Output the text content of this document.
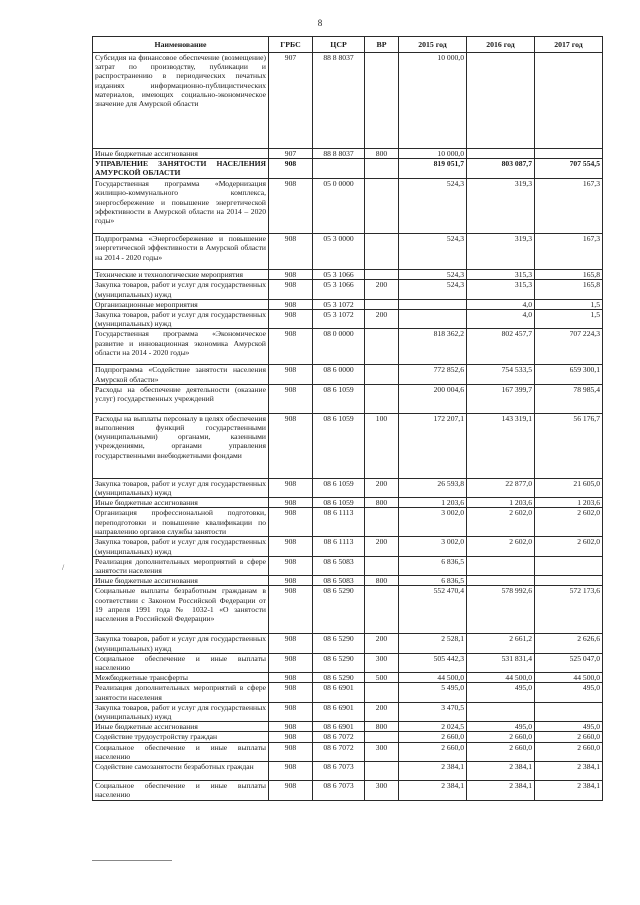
8
/
Наименование	ГРБС	ЦСР	ВР	2015 год	2016 год	2017 год
Субсидия на финансовое обеспечение (возмещение) затрат по производству, публикации и распространению в периодических печатных изданиях информационно-публицистических материалов, имеющих социально-экономическое значение для Амурской области	907	88 8 8037		10 000,0		
Иные бюджетные ассигнования	907	88 8 8037	800	10 000,0		
УПРАВЛЕНИЕ ЗАНЯТОСТИ НАСЕЛЕНИЯ АМУРСКОЙ ОБЛАСТИ	908			819 051,7	803 087,7	707 554,5
Государственная программа «Модернизация жилищно-коммунального комплекса, энергосбережение и повышение энергетической эффективности в Амурской области на 2014 – 2020 годы»	908	05 0 0000		524,3	319,3	167,3
Подпрограмма «Энергосбережение и повышение энергетической эффективности в Амурской области на 2014 - 2020 годы»	908	05 3 0000		524,3	319,3	167,3
Технические и технологические мероприятия	908	05 3 1066		524,3	315,3	165,8
Закупка товаров, работ и услуг для государственных (муниципальных) нужд	908	05 3 1066	200	524,3	315,3	165,8
Организационные мероприятия	908	05 3 1072			4,0	1,5
Закупка товаров, работ и услуг для государственных (муниципальных) нужд	908	05 3 1072	200		4,0	1,5
Государственная программа «Экономическое развитие и инновационная экономика Амурской области на 2014 - 2020 годы»	908	08 0 0000		818 362,2	802 457,7	707 224,3
Подпрограмма «Содействие занятости населения Амурской области»	908	08 6 0000		772 852,6	754 533,5	659 300,1
Расходы на обеспечение деятельности (оказание услуг) государственных учреждений	908	08 6 1059		200 004,6	167 399,7	78 985,4
Расходы на выплаты персоналу в целях обеспечения выполнения функций государственными (муниципальными) органами, казенными учреждениями, органами управления государственными внебюджетными фондами	908	08 6 1059	100	172 207,1	143 319,1	56 176,7
Закупка товаров, работ и услуг для государственных (муниципальных) нужд	908	08 6 1059	200	26 593,8	22 877,0	21 605,0
Иные бюджетные ассигнования	908	08 6 1059	800	1 203,6	1 203,6	1 203,6
Организация профессиональной подготовки, переподготовки и повышение квалификации по направлению органов службы занятости	908	08 6 1113		3 002,0	2 602,0	2 602,0
Закупка товаров, работ и услуг для государственных (муниципальных) нужд	908	08 6 1113	200	3 002,0	2 602,0	2 602,0
Реализация дополнительных мероприятий в сфере занятости населения	908	08 6 5083		6 836,5		
Иные бюджетные ассигнования	908	08 6 5083	800	6 836,5		
Социальные выплаты безработным гражданам в соответствии с Законом Российской Федерации от 19 апреля 1991 года № 1032-1 «О занятости населения в Российской Федерации»	908	08 6 5290		552 470,4	578 992,6	572 173,6
Закупка товаров, работ и услуг для государственных (муниципальных) нужд	908	08 6 5290	200	2 528,1	2 661,2	2 626,6
Социальное обеспечение и иные выплаты населению	908	08 6 5290	300	505 442,3	531 831,4	525 047,0
Межбюджетные трансферты	908	08 6 5290	500	44 500,0	44 500,0	44 500,0
Реализация дополнительных мероприятий в сфере занятости населения	908	08 6 6901		5 495,0	495,0	495,0
Закупка товаров, работ и услуг для государственных (муниципальных) нужд	908	08 6 6901	200	3 470,5		
Иные бюджетные ассигнования	908	08 6 6901	800	2 024,5	495,0	495,0
Содействие трудоустройству граждан	908	08 6 7072		2 660,0	2 660,0	2 660,0
Социальное обеспечение и иные выплаты населению	908	08 6 7072	300	2 660,0	2 660,0	2 660,0
Содействие самозанятости безработных граждан	908	08 6 7073		2 384,1	2 384,1	2 384,1
Социальное обеспечение и иные выплаты населению	908	08 6 7073	300	2 384,1	2 384,1	2 384,1
